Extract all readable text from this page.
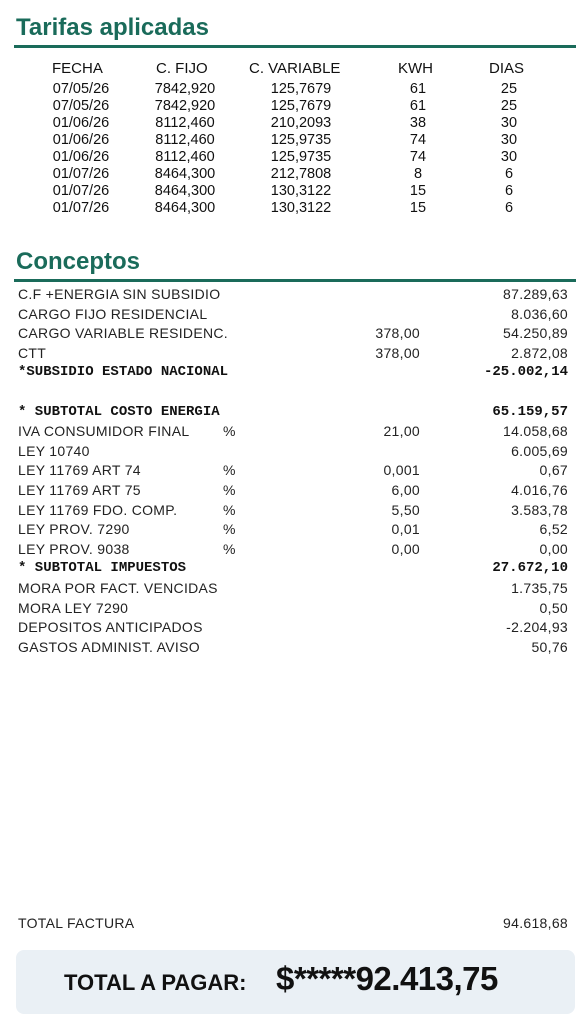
Tarifas aplicadas
FECHA	C. FIJO	C. VARIABLE	KWH	DIAS
07/05/26	7842,920	125,7679	61	25
07/05/26	7842,920	125,7679	61	25
01/06/26	8112,460	210,2093	38	30
01/06/26	8112,460	125,9735	74	30
01/06/26	8112,460	125,9735	74	30
01/07/26	8464,300	212,7808	8	6
01/07/26	8464,300	130,3122	15	6
01/07/26	8464,300	130,3122	15	6
Conceptos
C.F +ENERGIA SIN SUBSIDIO	87.289,63
CARGO FIJO RESIDENCIAL	8.036,60
CARGO VARIABLE RESIDENC.	378,00	54.250,89
CTT	378,00	2.872,08
*SUBSIDIO ESTADO NACIONAL	-25.002,14
* SUBTOTAL COSTO ENERGIA	65.159,57
IVA CONSUMIDOR FINAL %	21,00	14.058,68
LEY 10740	6.005,69
LEY 11769 ART 74	%	0,001	0,67
LEY 11769 ART 75	%	6,00	4.016,76
LEY 11769 FDO. COMP.	%	5,50	3.583,78
LEY PROV. 7290	%	0,01	6,52
LEY PROV. 9038	%	0,00	0,00
* SUBTOTAL IMPUESTOS	27.672,10
MORA POR FACT. VENCIDAS	1.735,75
MORA LEY 7290	0,50
DEPOSITOS ANTICIPADOS	-2.204,93
GASTOS ADMINIST. AVISO	50,76
TOTAL FACTURA	94.618,68
TOTAL A PAGAR: $*****92.413,75
